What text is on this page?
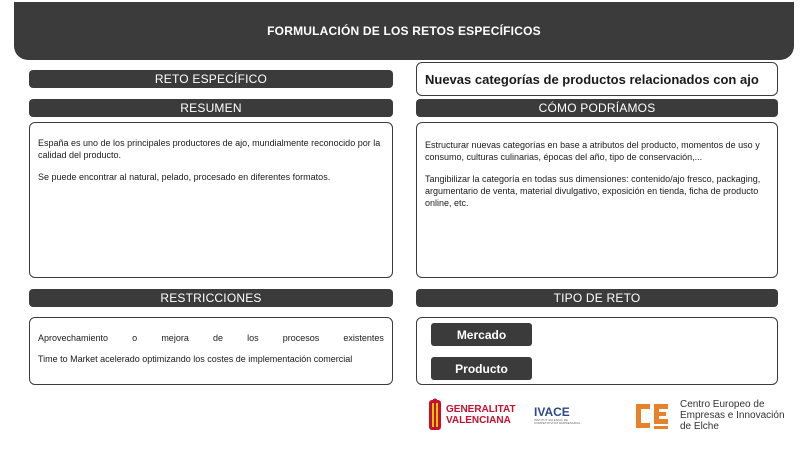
FORMULACIÓN DE LOS RETOS ESPECÍFICOS
RETO ESPECÍFICO	Nuevas categorías de productos relacionados con ajo
RESUMEN

España es uno de los principales productores de ajo, mundialmente reconocido por la calidad del producto.

Se puede encontrar al natural, pelado, procesado en diferentes formatos.

CÓMO PODRÍAMOS

Estructurar nuevas categorías en base a atributos del producto, momentos de uso y consumo, culturas culinarias, épocas del año, tipo de conservación,...

Tangibilizar la categoría en todas sus dimensiones: contenido/ajo fresco, packaging, argumentario de venta, material divulgativo, exposición en tienda, ficha de producto online, etc.

RESTRICCIONES
Aprovechamiento	o	mejora	de	los	procesos	existentes
Time to Market acelerado optimizando los costes de implementación comercial
TIPO DE RETO
Mercado
Producto
GENERALITAT
VALENCIANA
IVACE
INSTITUT VALENCIÀ DE
COMPETITIVITAT EMPRESARIAL
Centro Europeo de
Empresas e Innovación
de Elche
